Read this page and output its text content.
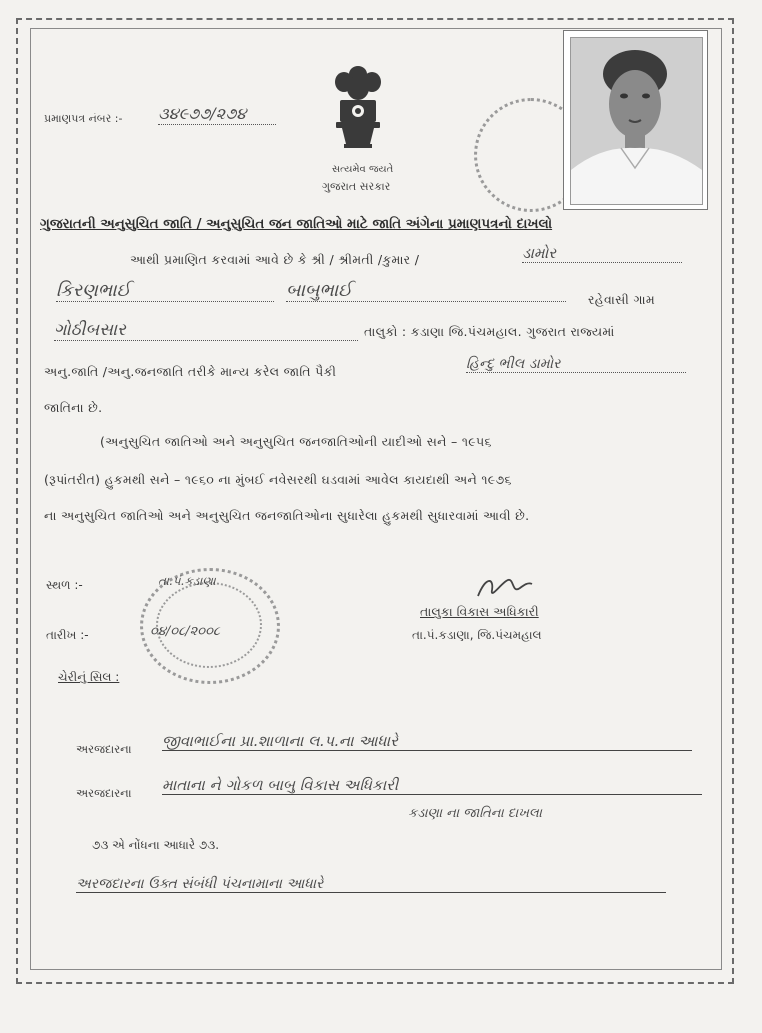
પ્રમાણપત્ર નંબર :- ૩૪૯૭૭/૨૭૪
સત્યમેવ જયતે
ગુજરાત સરકાર
ગુજરાતની અનુસુચિત જાતિ / અનુસુચિત જન જાતિઓ માટે જાતિ અંગેના પ્રમાણપત્રનો દાખલો
આથી પ્રમાણિત કરવામાં આવે છે કે શ્રી / શ્રીમતી /કુમાર /	ડામોર
કિરણભાઈ	બાબુભાઈ	રહેવાસી ગામ
ગોઠીબસાર	તાલુકો : કડાણા જિ.પંચમહાલ. ગુજરાત રાજ્યમાં
અનુ.જાતિ /અનુ.જનજાતિ તરીકે માન્ય કરેલ જાતિ પૈકી	હિન્દુ ભીલ ડામોર
જાતિના છે.
(અનુસુચિત જાતિઓ અને અનુસુચિત જનજાતિઓની યાદીઓ સને – ૧૯૫૬
(રૂપાંતરીત) હુકમથી સને – ૧૯૬૦ ના મુંબઈ નવેસરથી ઘડવામાં આવેલ કાયદાથી અને ૧૯૭૬
ના અનુસુચિત જાતિઓ અને અનુસુચિત જનજાતિઓના સુધારેલા હુકમથી સુધારવામાં આવી છે.
સ્થળ :-	તા.પં.કડાણા
તારીખ :-	૦૪/૦૮/૨૦૦૮
ચેરીનું સિલ :
તાલુકા વિકાસ અધિકારી
તા.પં.કડાણા, જિ.પંચમહાલ
અરજદારના જીવાભાઈના પ્રા.શાળાના લ.પ.ના આધારે
અરજદારના માતાના ને ગોકળ બાબુ વિકાસ અધિકારી
કડાણા ના જાતિના દાખલા
૭૩ એ નોંધના આધારે ૭૩.
અરજદારના ઉક્ત સંબંધી પંચનામાના આધારે
